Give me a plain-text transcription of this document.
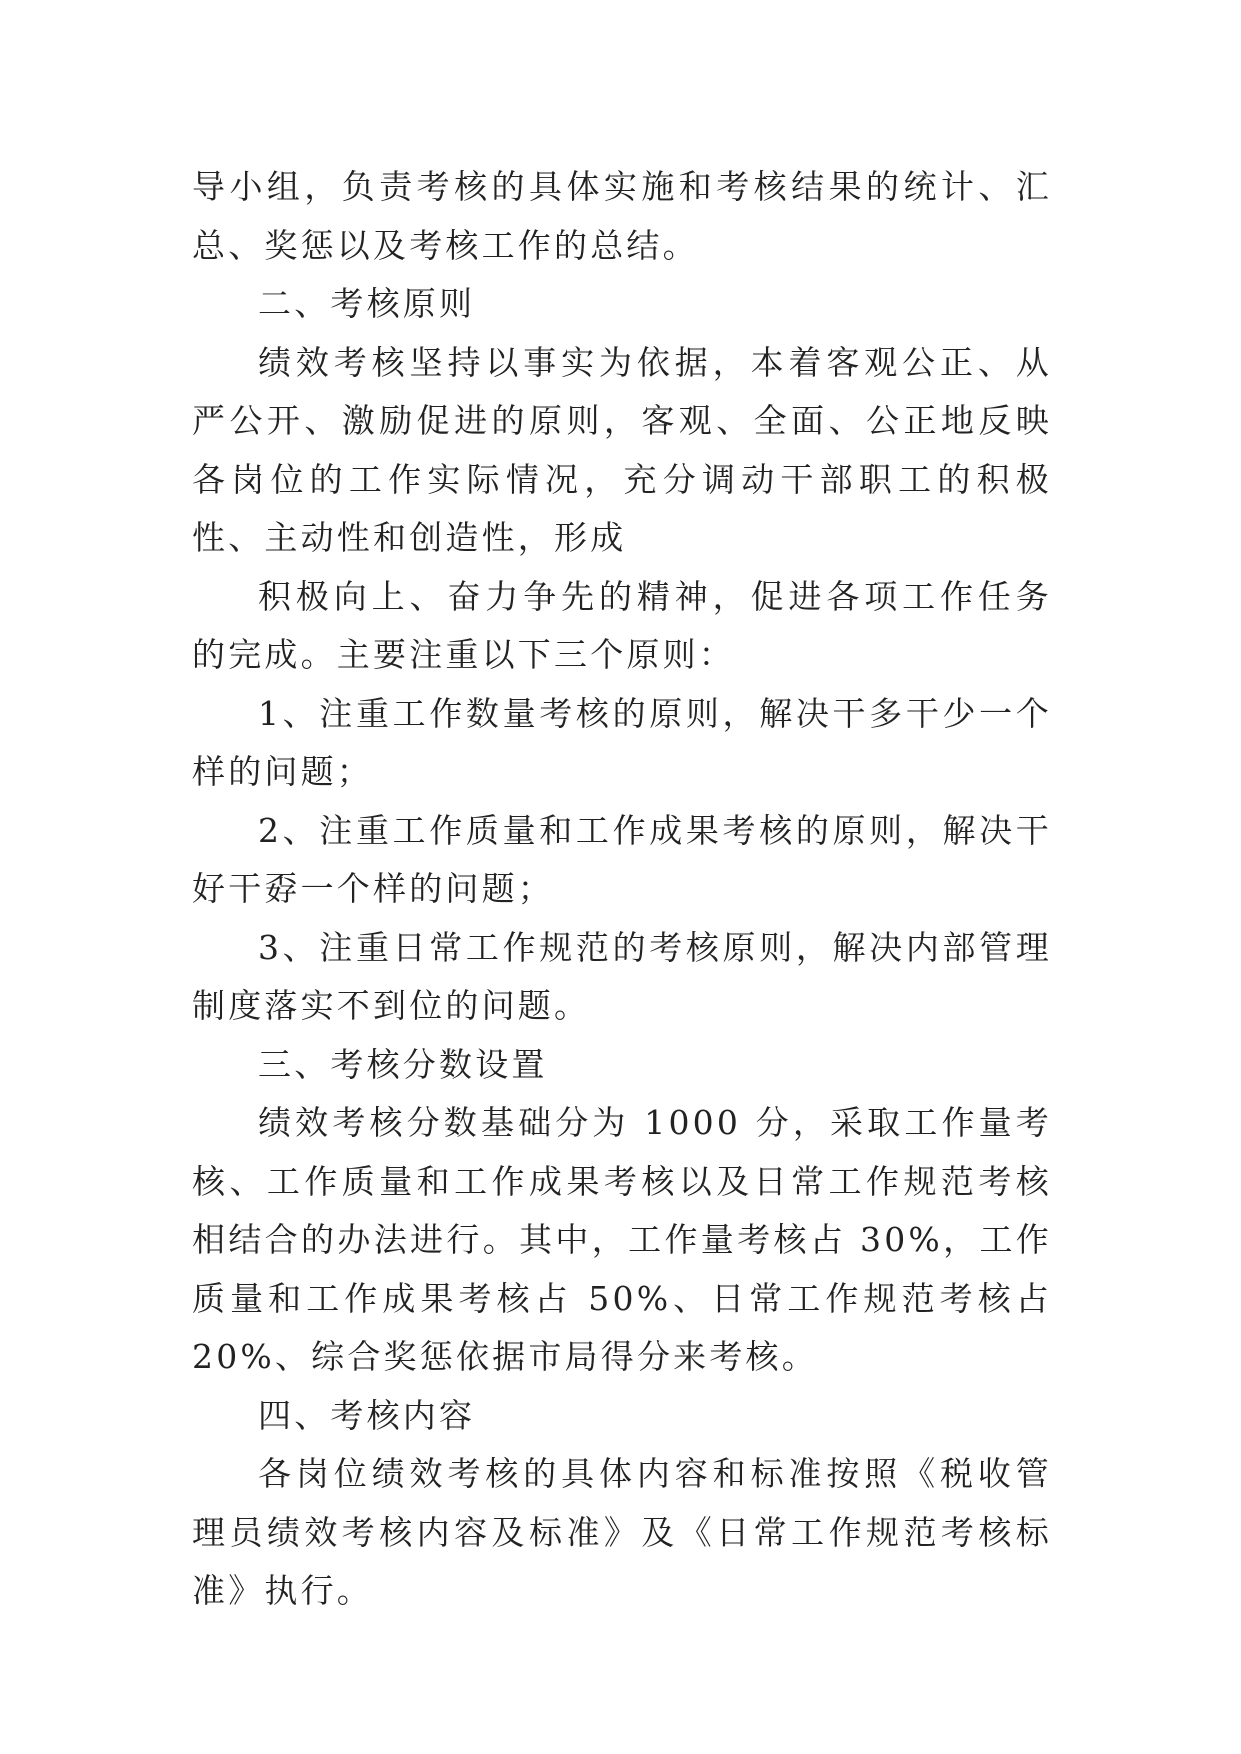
导小组，负责考核的具体实施和考核结果的统计、汇总、奖惩以及考核工作的总结。

二、考核原则

绩效考核坚持以事实为依据，本着客观公正、从严公开、激励促进的原则，客观、全面、公正地反映各岗位的工作实际情况，充分调动干部职工的积极性、主动性和创造性，形成

积极向上、奋力争先的精神，促进各项工作任务的完成。主要注重以下三个原则：

1、注重工作数量考核的原则，解决干多干少一个样的问题；

2、注重工作质量和工作成果考核的原则，解决干好干孬一个样的问题；

3、注重日常工作规范的考核原则，解决内部管理制度落实不到位的问题。

三、考核分数设置

绩效考核分数基础分为 1000 分，采取工作量考核、工作质量和工作成果考核以及日常工作规范考核相结合的办法进行。其中，工作量考核占 30%，工作质量和工作成果考核占 50%、日常工作规范考核占 20%、综合奖惩依据市局得分来考核。

四、考核内容

各岗位绩效考核的具体内容和标准按照《税收管理员绩效考核内容及标准》及《日常工作规范考核标准》执行。
